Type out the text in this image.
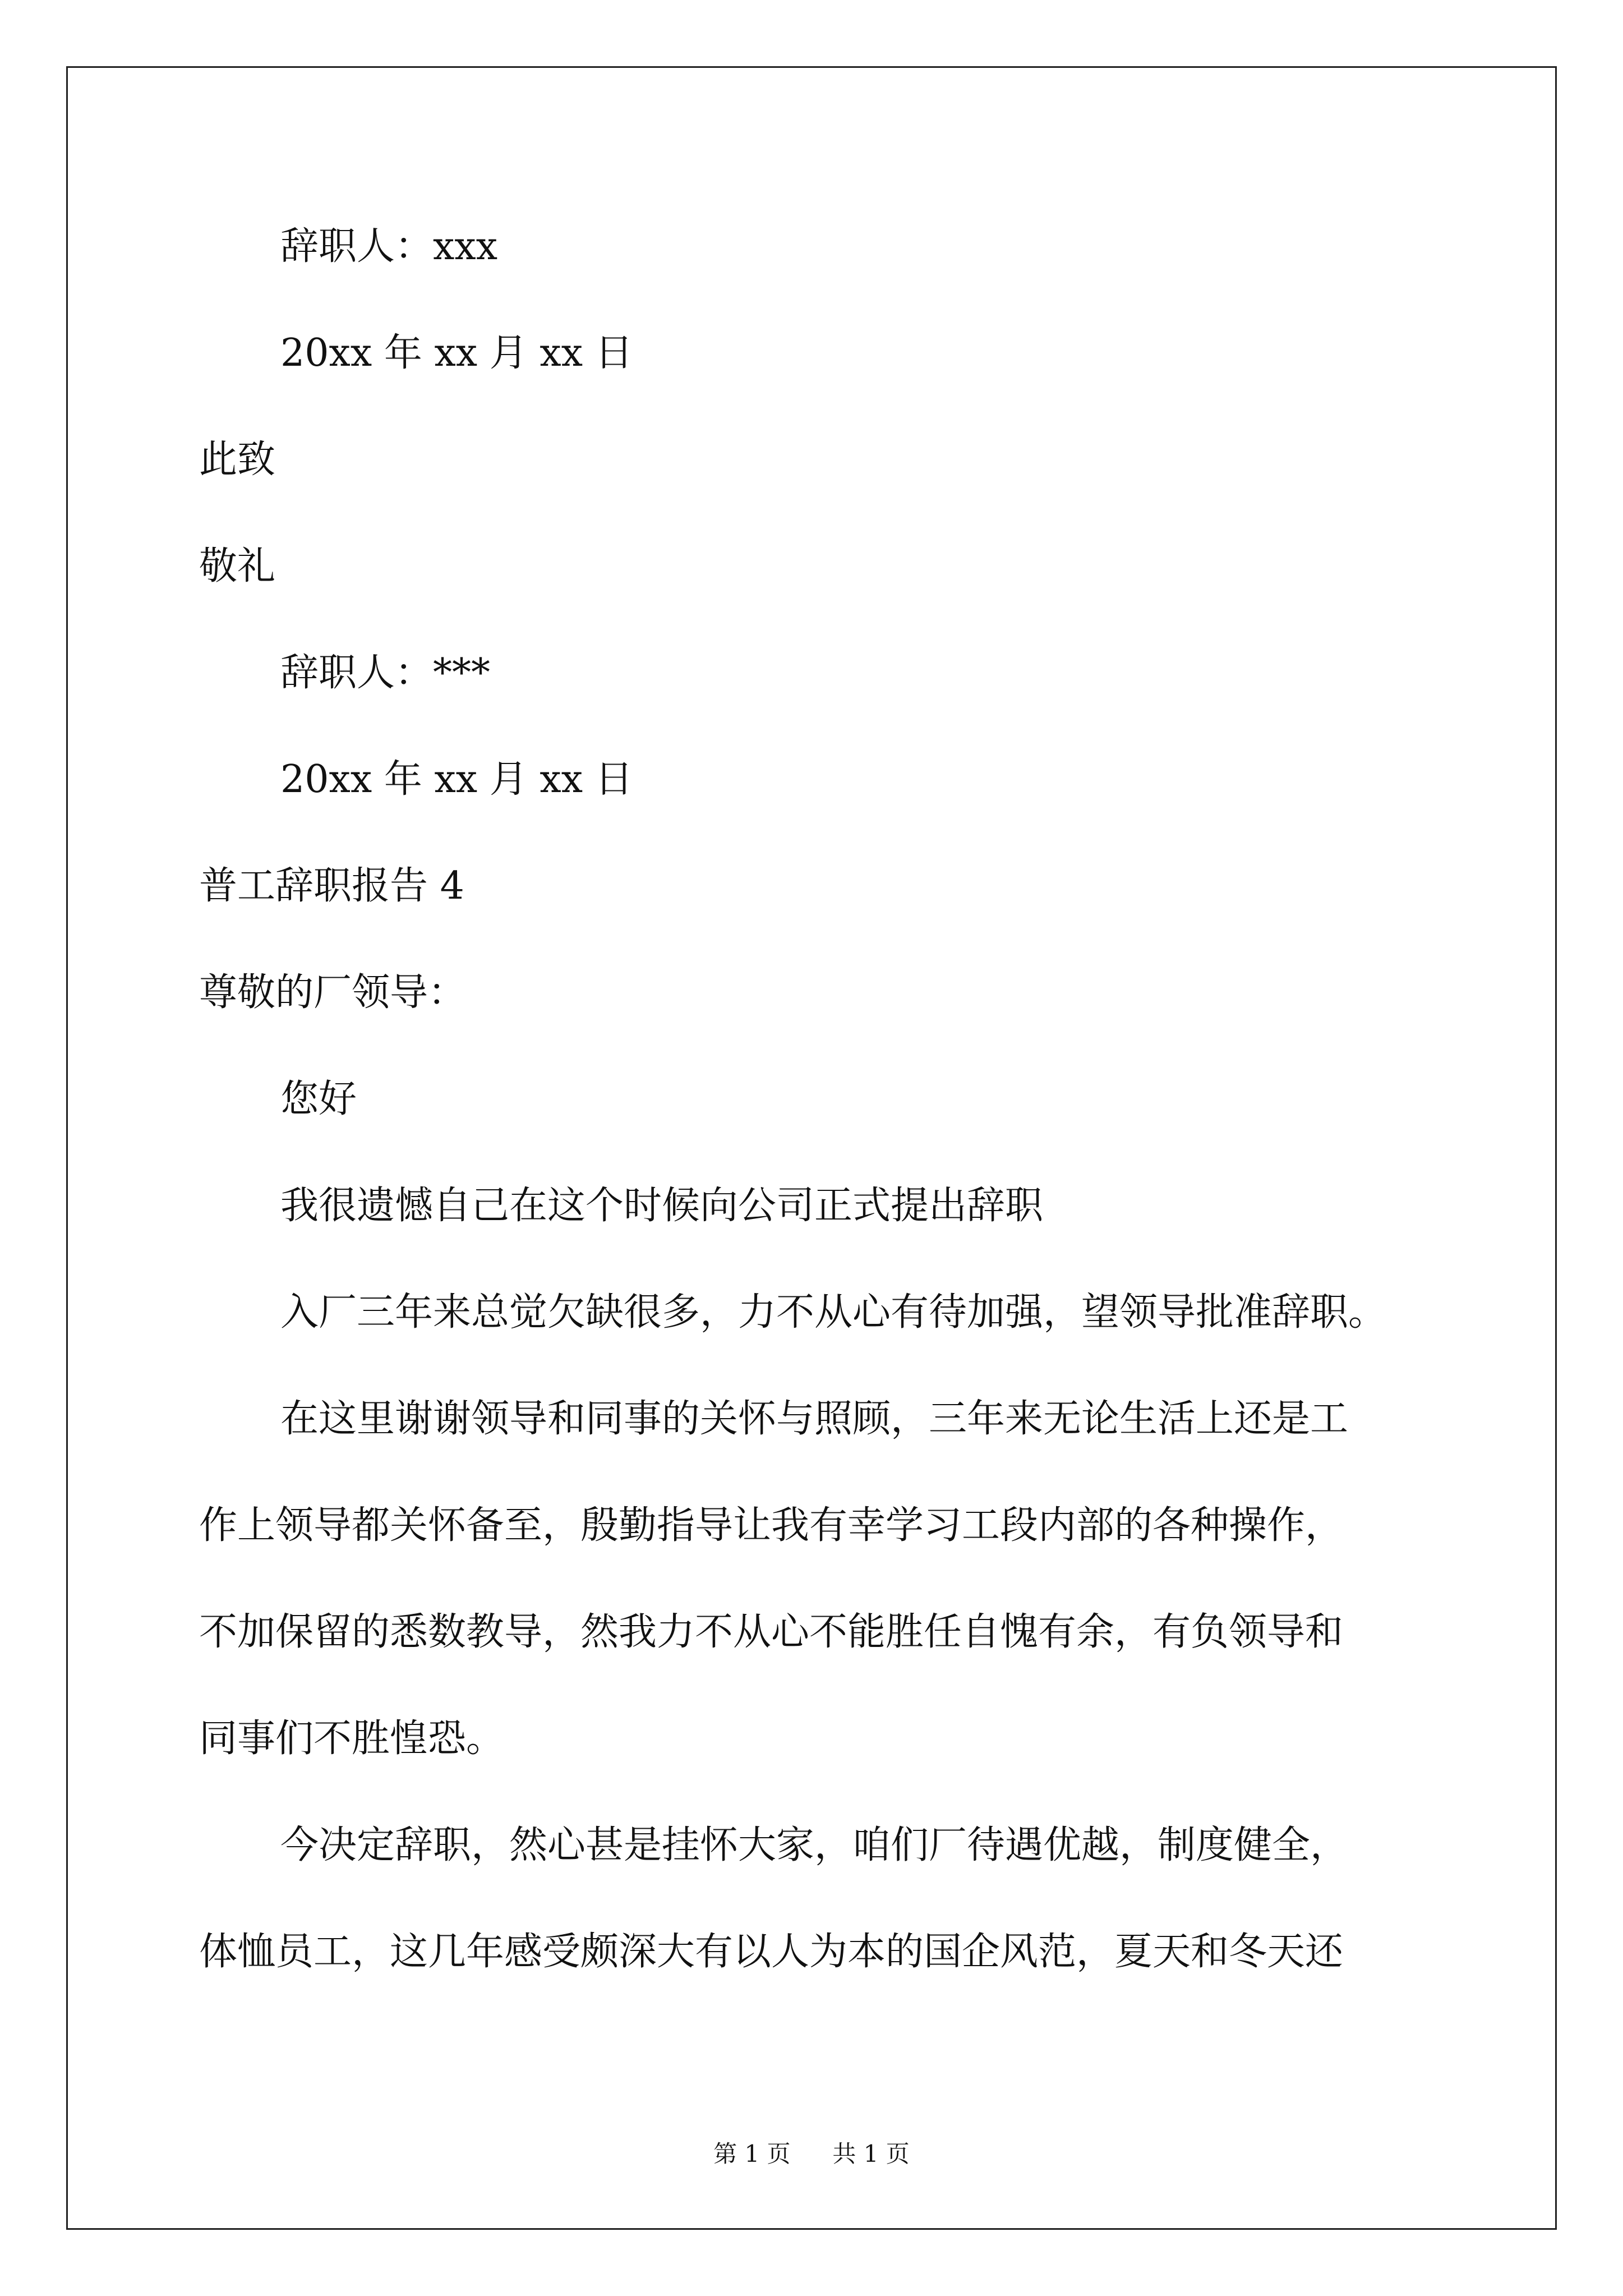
辞职人：xxx
20xx 年 xx 月 xx 日
此致
敬礼
辞职人：***
20xx 年 xx 月 xx 日
普工辞职报告 4
尊敬的厂领导：
您好
我很遗憾自己在这个时候向公司正式提出辞职
入厂三年来总觉欠缺很多，力不从心有待加强，望领导批准辞职。
在这里谢谢领导和同事的关怀与照顾，三年来无论生活上还是工
作上领导都关怀备至，殷勤指导让我有幸学习工段内部的各种操作，
不加保留的悉数教导，然我力不从心不能胜任自愧有余，有负领导和
同事们不胜惶恐。
今决定辞职，然心甚是挂怀大家，咱们厂待遇优越，制度健全，
体恤员工，这几年感受颇深大有以人为本的国企风范，夏天和冬天还
第 1 页 共 1 页
